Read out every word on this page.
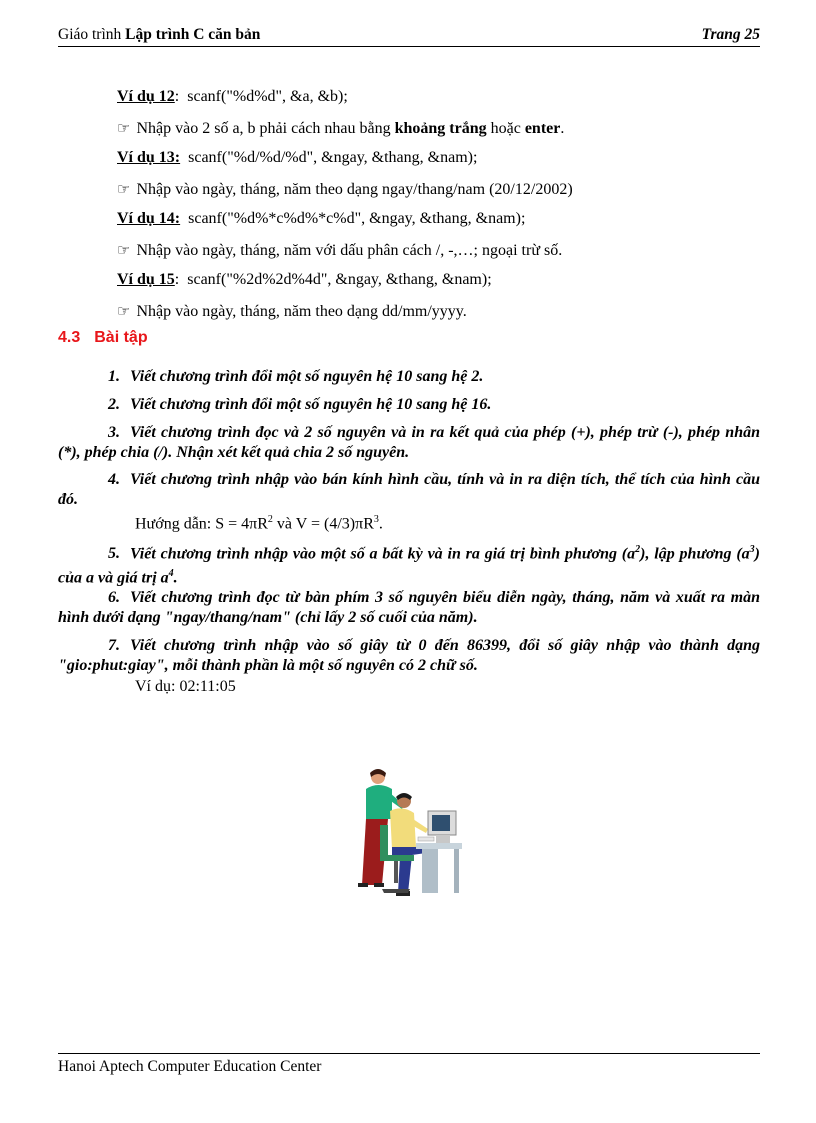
Giáo trình Lập trình C căn bản	Trang 25
Ví dụ 12:  scanf("%d%d", &a, &b);
☞ Nhập vào 2 số a, b phải cách nhau bằng khoảng trắng hoặc enter.
Ví dụ 13:  scanf("%d/%d/%d", &ngay, &thang, &nam);
☞ Nhập vào ngày, tháng, năm theo dạng ngay/thang/nam (20/12/2002)
Ví dụ 14:  scanf("%d%*c%d%*c%d", &ngay, &thang, &nam);
☞ Nhập vào ngày, tháng, năm với dấu phân cách /, -,…; ngoại trừ số.
Ví dụ 15:  scanf("%2d%2d%4d", &ngay, &thang, &nam);
☞ Nhập vào ngày, tháng, năm theo dạng dd/mm/yyyy.
4.3 Bài tập
1. Viết chương trình đổi một số nguyên hệ 10 sang hệ 2.
2. Viết chương trình đổi một số nguyên hệ 10 sang hệ 16.
3. Viết chương trình đọc và 2 số nguyên và in ra kết quả của phép (+), phép trừ (-), phép nhân (*), phép chia (/). Nhận xét kết quả chia 2 số nguyên.
4. Viết chương trình nhập vào bán kính hình cầu, tính và in ra diện tích, thể tích của hình cầu đó.
Hướng dẫn: $S = 4\pi R^2$ và $V = (4/3)\pi R^3$.
5. Viết chương trình nhập vào một số a bất kỳ và in ra giá trị bình phương $(a^2)$, lập phương $(a^3)$ của a và giá trị $a^4$.
6. Viết chương trình đọc từ bàn phím 3 số nguyên biểu diễn ngày, tháng, năm và xuất ra màn hình dưới dạng "ngay/thang/nam" (chỉ lấy 2 số cuối của năm).
7. Viết chương trình nhập vào số giây từ 0 đến 86399, đổi số giây nhập vào thành dạng "gio:phut:giay", mỗi thành phần là một số nguyên có 2 chữ số.
Ví dụ: 02:11:05
Hanoi Aptech Computer Education Center
